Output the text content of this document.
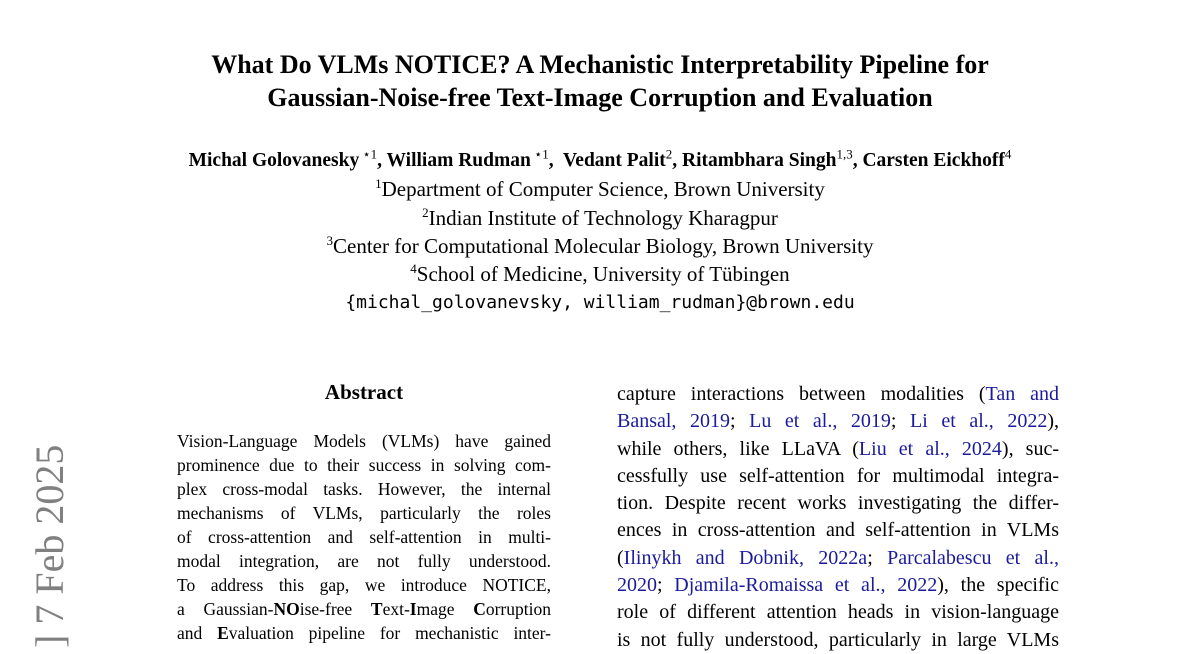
What Do VLMs NOTICE? A Mechanistic Interpretability Pipeline for
Gaussian-Noise-free Text-Image Corruption and Evaluation
Michal Golovanesky $^{⋆1}$, William Rudman $^{⋆1}$,  Vedant Palit$^2$, Ritambhara Singh$^{1,3}$, Carsten Eickhoff$^4$
$^1$Department of Computer Science, Brown University
$^2$Indian Institute of Technology Kharagpur
$^3$Center for Computational Molecular Biology, Brown University
$^4$School of Medicine, University of Tübingen
{michal_golovanevsky, william_rudman}@brown.edu
] 7 Feb 2025
Abstract
Vision-Language Models (VLMs) have gained
prominence due to their success in solving com-
plex cross-modal tasks. However, the internal
mechanisms of VLMs, particularly the roles
of cross-attention and self-attention in multi-
modal integration, are not fully understood.
To address this gap, we introduce NOTICE,
a Gaussian-NOise-free Text-Image Corruption
and Evaluation pipeline for mechanistic inter-
capture interactions between modalities (Tan and
Bansal, 2019; Lu et al., 2019; Li et al., 2022),
while others, like LLaVA (Liu et al., 2024), suc-
cessfully use self-attention for multimodal integra-
tion. Despite recent works investigating the differ-
ences in cross-attention and self-attention in VLMs
(Ilinykh and Dobnik, 2022a; Parcalabescu et al.,
2020; Djamila-Romaissa et al., 2022), the specific
role of different attention heads in vision-language
is not fully understood, particularly in large VLMs
